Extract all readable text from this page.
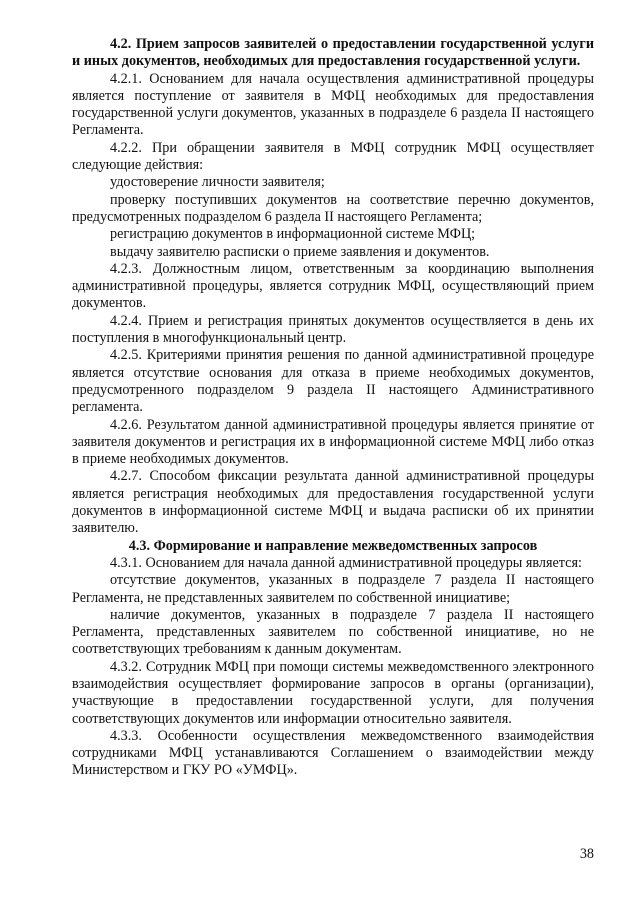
4.2. Прием запросов заявителей о предоставлении государственной услуги и иных документов, необходимых для предоставления государственной услуги.

4.2.1. Основанием для начала осуществления административной процедуры является поступление от заявителя в МФЦ необходимых для предоставления государственной услуги документов, указанных в подразделе 6 раздела II настоящего Регламента.

4.2.2. При обращении заявителя в МФЦ сотрудник МФЦ осуществляет следующие действия:

удостоверение личности заявителя;

проверку поступивших документов на соответствие перечню документов, предусмотренных подразделом 6 раздела II настоящего Регламента;

регистрацию документов в информационной системе МФЦ;

выдачу заявителю расписки о приеме заявления и документов.

4.2.3. Должностным лицом, ответственным за координацию выполнения административной процедуры, является сотрудник МФЦ, осуществляющий прием документов.

4.2.4. Прием и регистрация принятых документов осуществляется в день их поступления в многофункциональный центр.

4.2.5. Критериями принятия решения по данной административной процедуре является отсутствие основания для отказа в приеме необходимых документов, предусмотренного подразделом 9 раздела II настоящего Административного регламента.

4.2.6. Результатом данной административной процедуры является принятие от заявителя документов и регистрация их в информационной системе МФЦ либо отказ в приеме необходимых документов.

4.2.7. Способом фиксации результата данной административной процедуры является регистрация необходимых для предоставления государственной услуги документов в информационной системе МФЦ и выдача расписки об их принятии заявителю.

4.3. Формирование и направление межведомственных запросов

4.3.1. Основанием для начала данной административной процедуры является:

отсутствие документов, указанных в подразделе 7 раздела II настоящего Регламента, не представленных заявителем по собственной инициативе;

наличие документов, указанных в подразделе 7 раздела II настоящего Регламента, представленных заявителем по собственной инициативе, но не соответствующих требованиям к данным документам.

4.3.2. Сотрудник МФЦ при помощи системы межведомственного электронного взаимодействия осуществляет формирование запросов в органы (организации), участвующие в предоставлении государственной услуги, для получения соответствующих документов или информации относительно заявителя.

4.3.3. Особенности осуществления межведомственного взаимодействия сотрудниками МФЦ устанавливаются Соглашением о взаимодействии между Министерством и ГКУ РО «УМФЦ».

38
